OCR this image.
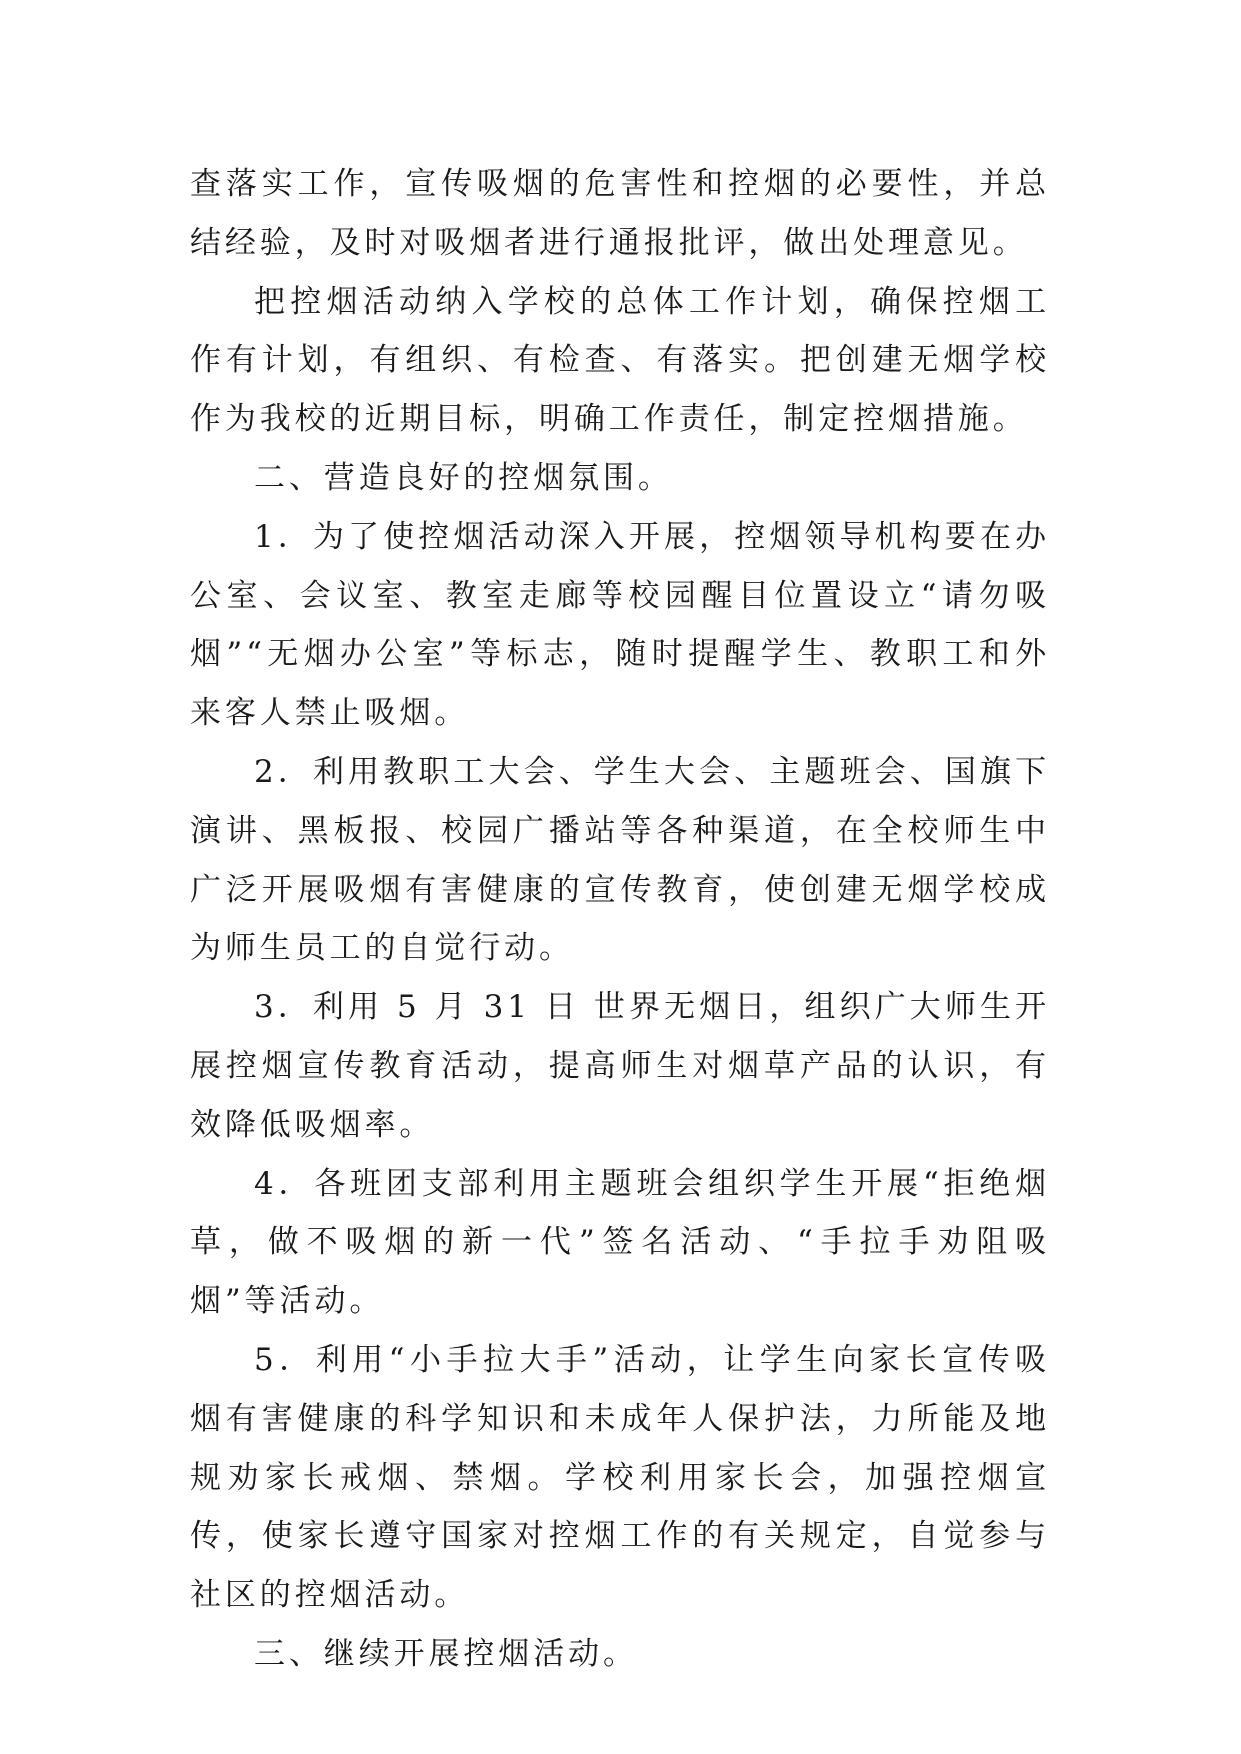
查落实工作，宣传吸烟的危害性和控烟的必要性，并总结经验，及时对吸烟者进行通报批评，做出处理意见。

把控烟活动纳入学校的总体工作计划，确保控烟工作有计划，有组织、有检查、有落实。把创建无烟学校作为我校的近期目标，明确工作责任，制定控烟措施。

二、营造良好的控烟氛围。

1．为了使控烟活动深入开展，控烟领导机构要在办公室、会议室、教室走廊等校园醒目位置设立“请勿吸烟”“无烟办公室”等标志，随时提醒学生、教职工和外来客人禁止吸烟。

2．利用教职工大会、学生大会、主题班会、国旗下演讲、黑板报、校园广播站等各种渠道，在全校师生中广泛开展吸烟有害健康的宣传教育，使创建无烟学校成为师生员工的自觉行动。

3．利用 5 月 31 日 世界无烟日，组织广大师生开展控烟宣传教育活动，提高师生对烟草产品的认识，有效降低吸烟率。

4．各班团支部利用主题班会组织学生开展“拒绝烟草，做不吸烟的新一代”签名活动、“手拉手劝阻吸烟”等活动。

5．利用“小手拉大手”活动，让学生向家长宣传吸烟有害健康的科学知识和未成年人保护法，力所能及地规劝家长戒烟、禁烟。学校利用家长会，加强控烟宣传，使家长遵守国家对控烟工作的有关规定，自觉参与社区的控烟活动。

三、继续开展控烟活动。
